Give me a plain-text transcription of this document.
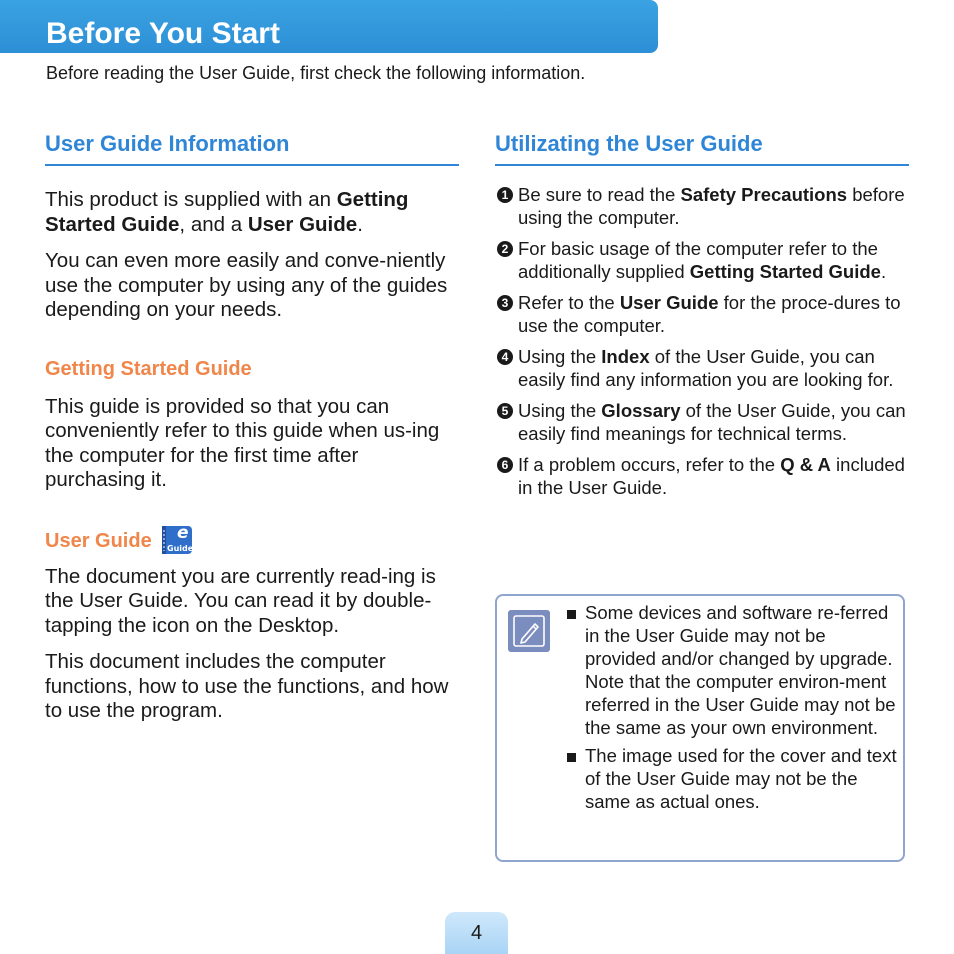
Before You Start
Before reading the User Guide, first check the following information.
User Guide Information

This product is supplied with an Getting Started Guide, and a User Guide.

You can even more easily and conve-niently use the computer by using any of the guides depending on your needs.

Getting Started Guide

This guide is provided so that you can conveniently refer to this guide when us-ing the computer for the first time after purchasing it.

User Guide e
Guide

The document you are currently read-ing is the User Guide. You can read it by double-tapping the icon on the Desktop.

This document includes the computer functions, how to use the functions, and how to use the program.

Utilizating the User Guide
1 Be sure to read the Safety Precautions before using the computer.
2 For basic usage of the computer refer to the additionally supplied Getting Started Guide.
3 Refer to the User Guide for the proce-dures to use the computer.
4 Using the Index of the User Guide, you can easily find any information you are looking for.
5 Using the Glossary of the User Guide, you can easily find meanings for technical terms.
6 If a problem occurs, refer to the Q & A included in the User Guide.
Some devices and software re-ferred in the User Guide may not be provided and/or changed by upgrade.
Note that the computer environ-ment referred in the User Guide may not be the same as your own environment.
The image used for the cover and text of the User Guide may not be the same as actual ones.
4
